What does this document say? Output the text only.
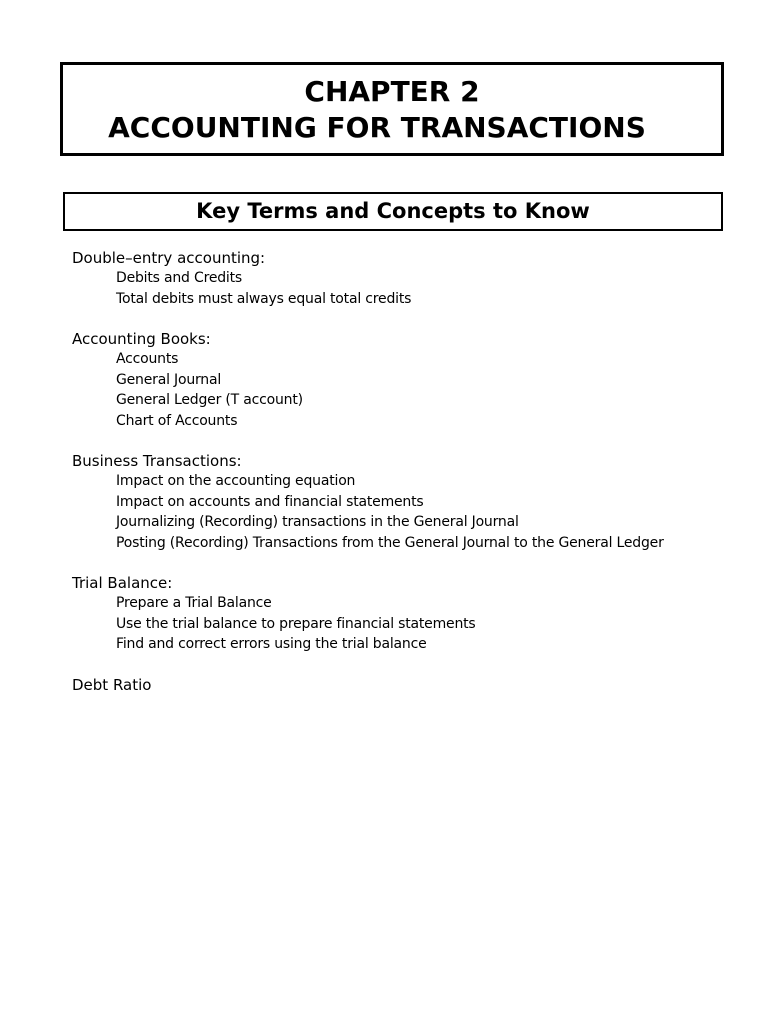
CHAPTER 2
ACCOUNTING FOR TRANSACTIONS
Key Terms and Concepts to Know
Double–entry accounting:
Debits and Credits
Total debits must always equal total credits
Accounting Books:
Accounts
General Journal
General Ledger (T account)
Chart of Accounts
Business Transactions:
Impact on the accounting equation
Impact on accounts and financial statements
Journalizing (Recording) transactions in the General Journal
Posting (Recording) Transactions from the General Journal to the General Ledger
Trial Balance:
Prepare a Trial Balance
Use the trial balance to prepare financial statements
Find and correct errors using the trial balance
Debt Ratio
